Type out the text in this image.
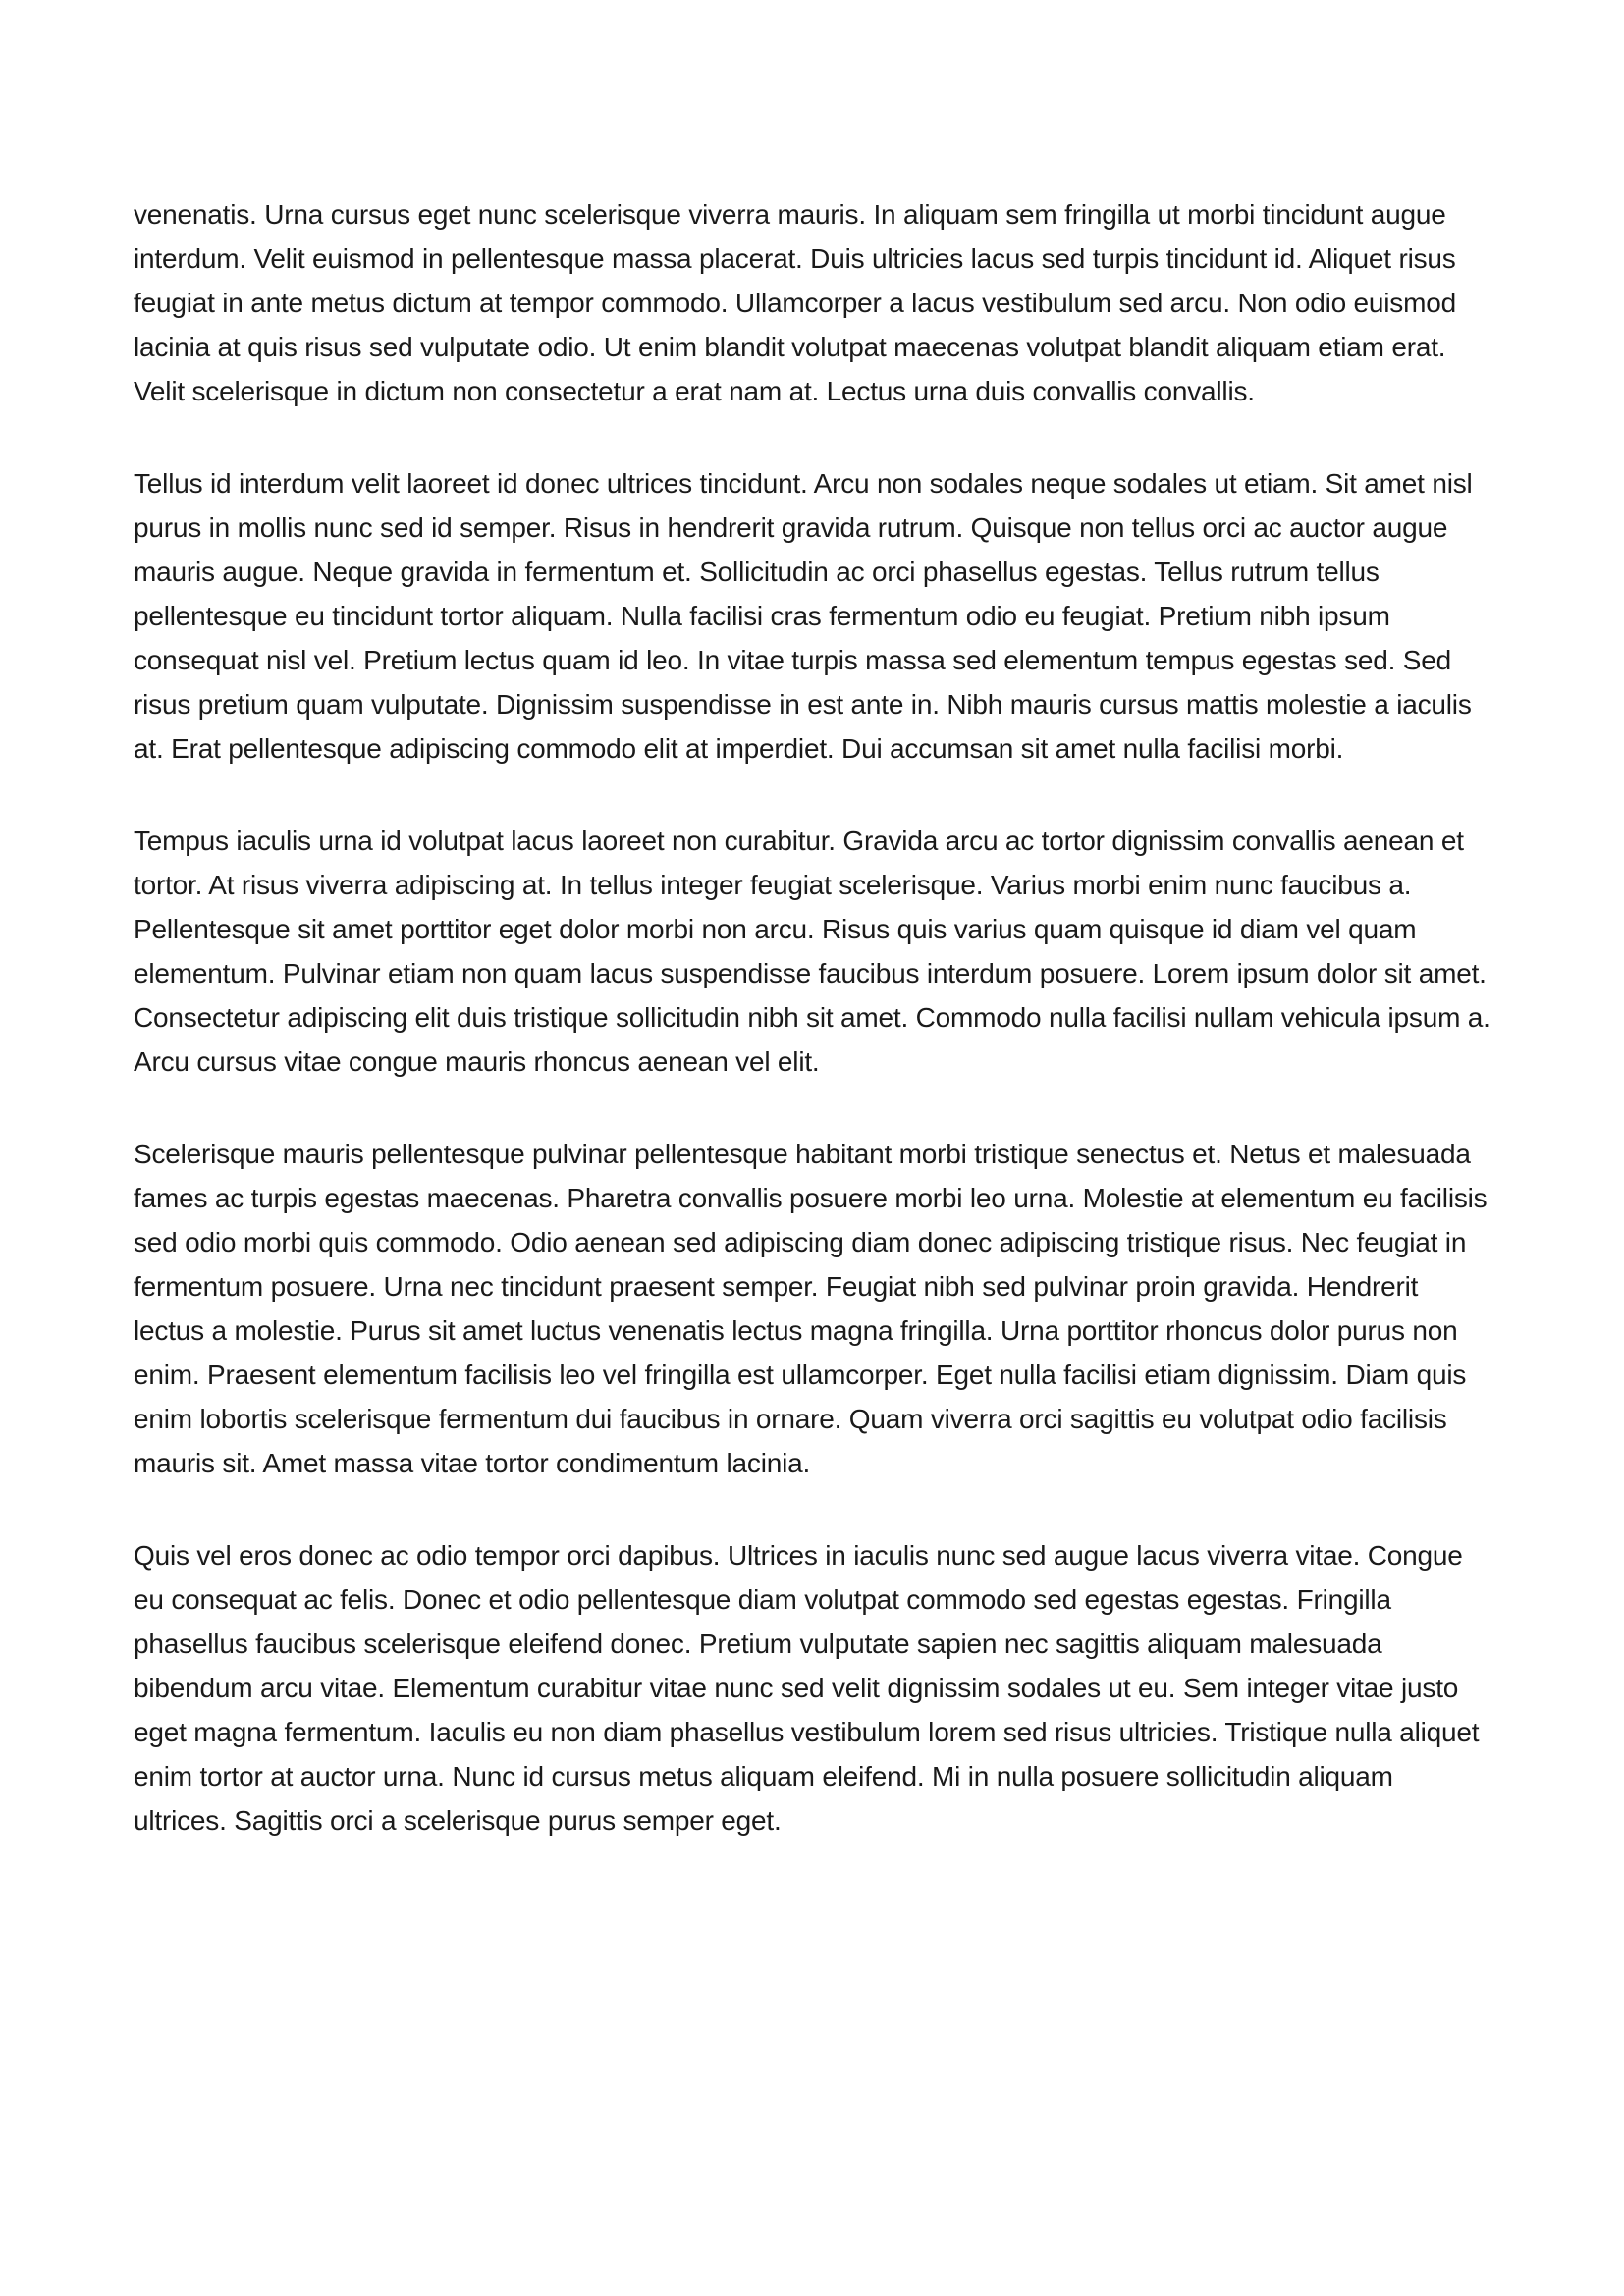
venenatis. Urna cursus eget nunc scelerisque viverra mauris. In aliquam sem fringilla ut morbi tincidunt augue interdum. Velit euismod in pellentesque massa placerat. Duis ultricies lacus sed turpis tincidunt id. Aliquet risus feugiat in ante metus dictum at tempor commodo. Ullamcorper a lacus vestibulum sed arcu. Non odio euismod lacinia at quis risus sed vulputate odio. Ut enim blandit volutpat maecenas volutpat blandit aliquam etiam erat. Velit scelerisque in dictum non consectetur a erat nam at. Lectus urna duis convallis convallis.

Tellus id interdum velit laoreet id donec ultrices tincidunt. Arcu non sodales neque sodales ut etiam. Sit amet nisl purus in mollis nunc sed id semper. Risus in hendrerit gravida rutrum. Quisque non tellus orci ac auctor augue mauris augue. Neque gravida in fermentum et. Sollicitudin ac orci phasellus egestas. Tellus rutrum tellus pellentesque eu tincidunt tortor aliquam. Nulla facilisi cras fermentum odio eu feugiat. Pretium nibh ipsum consequat nisl vel. Pretium lectus quam id leo. In vitae turpis massa sed elementum tempus egestas sed. Sed risus pretium quam vulputate. Dignissim suspendisse in est ante in. Nibh mauris cursus mattis molestie a iaculis at. Erat pellentesque adipiscing commodo elit at imperdiet. Dui accumsan sit amet nulla facilisi morbi.

Tempus iaculis urna id volutpat lacus laoreet non curabitur. Gravida arcu ac tortor dignissim convallis aenean et tortor. At risus viverra adipiscing at. In tellus integer feugiat scelerisque. Varius morbi enim nunc faucibus a. Pellentesque sit amet porttitor eget dolor morbi non arcu. Risus quis varius quam quisque id diam vel quam elementum. Pulvinar etiam non quam lacus suspendisse faucibus interdum posuere. Lorem ipsum dolor sit amet. Consectetur adipiscing elit duis tristique sollicitudin nibh sit amet. Commodo nulla facilisi nullam vehicula ipsum a. Arcu cursus vitae congue mauris rhoncus aenean vel elit.

Scelerisque mauris pellentesque pulvinar pellentesque habitant morbi tristique senectus et. Netus et malesuada fames ac turpis egestas maecenas. Pharetra convallis posuere morbi leo urna. Molestie at elementum eu facilisis sed odio morbi quis commodo. Odio aenean sed adipiscing diam donec adipiscing tristique risus. Nec feugiat in fermentum posuere. Urna nec tincidunt praesent semper. Feugiat nibh sed pulvinar proin gravida. Hendrerit lectus a molestie. Purus sit amet luctus venenatis lectus magna fringilla. Urna porttitor rhoncus dolor purus non enim. Praesent elementum facilisis leo vel fringilla est ullamcorper. Eget nulla facilisi etiam dignissim. Diam quis enim lobortis scelerisque fermentum dui faucibus in ornare. Quam viverra orci sagittis eu volutpat odio facilisis mauris sit. Amet massa vitae tortor condimentum lacinia.

Quis vel eros donec ac odio tempor orci dapibus. Ultrices in iaculis nunc sed augue lacus viverra vitae. Congue eu consequat ac felis. Donec et odio pellentesque diam volutpat commodo sed egestas egestas. Fringilla phasellus faucibus scelerisque eleifend donec. Pretium vulputate sapien nec sagittis aliquam malesuada bibendum arcu vitae. Elementum curabitur vitae nunc sed velit dignissim sodales ut eu. Sem integer vitae justo eget magna fermentum. Iaculis eu non diam phasellus vestibulum lorem sed risus ultricies. Tristique nulla aliquet enim tortor at auctor urna. Nunc id cursus metus aliquam eleifend. Mi in nulla posuere sollicitudin aliquam ultrices. Sagittis orci a scelerisque purus semper eget.
